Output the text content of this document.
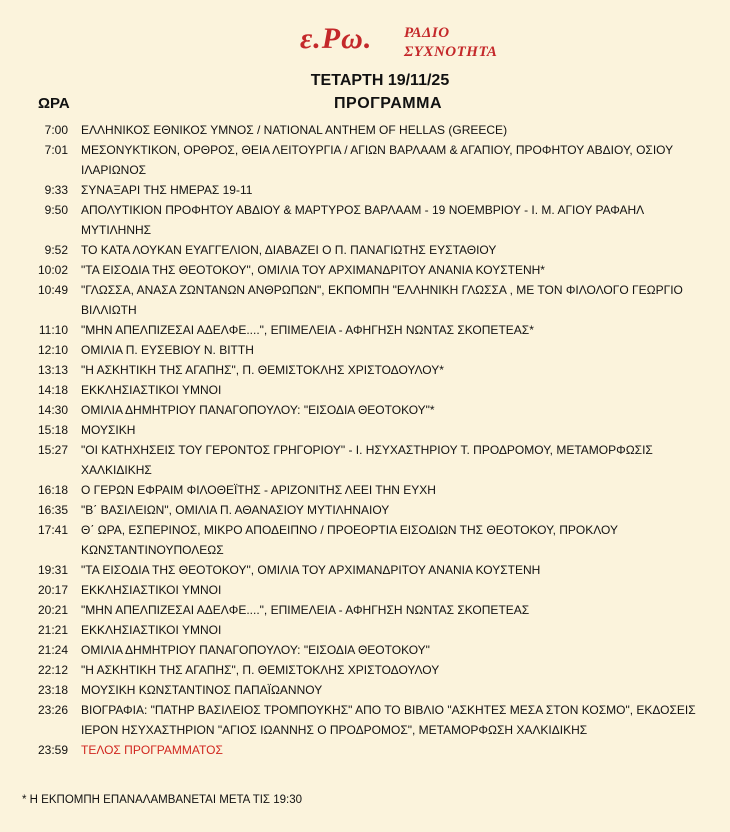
ε.Ρω. ΡΑΔΙΟ
ΣΥΧΝΟΤΗΤΑ
ΤΕΤΑΡΤΗ 19/11/25
ΩΡΑ	ΠΡΟΓΡΑΜΜΑ
7:00 ΕΛΛΗΝΙΚΟΣ ΕΘΝΙΚΟΣ ΥΜΝΟΣ / NATIONAL ANTHEM OF HELLAS (GREECE)
7:01 ΜΕΣΟΝΥΚΤΙΚΟΝ, ΟΡΘΡΟΣ, ΘΕΙΑ ΛΕΙΤΟΥΡΓΙΑ / ΑΓΙΩΝ ΒΑΡΛΑΑΜ & ΑΓΑΠΙΟΥ, ΠΡΟΦΗΤΟΥ ΑΒΔΙΟΥ, ΟΣΙΟΥ ΙΛΑΡΙΩΝΟΣ
9:33 ΣΥΝΑΞΑΡΙ ΤΗΣ ΗΜΕΡΑΣ 19-11
9:50 ΑΠΟΛΥΤΙΚΙΟΝ ΠΡΟΦΗΤΟΥ ΑΒΔΙΟΥ & ΜΑΡΤΥΡΟΣ ΒΑΡΛΑΑΜ - 19 ΝΟΕΜΒΡΙΟΥ - Ι. Μ. ΑΓΙΟΥ ΡΑΦΑΗΛ ΜΥΤΙΛΗΝΗΣ
9:52 ΤΟ ΚΑΤΑ ΛΟΥΚΑΝ ΕΥΑΓΓΕΛΙΟΝ, ΔΙΑΒΑΖΕΙ Ο Π. ΠΑΝΑΓΙΩΤΗΣ ΕΥΣΤΑΘΙΟΥ
10:02 "ΤΑ ΕΙΣΟΔΙΑ ΤΗΣ ΘΕΟΤΟΚΟΥ", ΟΜΙΛΙΑ ΤΟΥ ΑΡΧΙΜΑΝΔΡΙΤΟΥ ΑΝΑΝΙΑ ΚΟΥΣΤΕΝΗ*
10:49 "ΓΛΩΣΣΑ, ΑΝΑΣΑ ΖΩΝΤΑΝΩΝ ΑΝΘΡΩΠΩΝ", ΕΚΠΟΜΠΗ "ΕΛΛΗΝΙΚΗ ΓΛΩΣΣΑ , ΜΕ ΤΟΝ ΦΙΛΟΛΟΓΟ ΓΕΩΡΓΙΟ ΒΙΛΛΙΩΤΗ
11:10 "ΜΗΝ ΑΠΕΛΠΙΖΕΣΑΙ ΑΔΕΛΦΕ....", ΕΠΙΜΕΛΕΙΑ - ΑΦΗΓΗΣΗ ΝΩΝΤΑΣ ΣΚΟΠΕΤΕΑΣ*
12:10 ΟΜΙΛΙΑ Π. ΕΥΣΕΒΙΟΥ Ν. ΒΙΤΤΗ
13:13 "Η ΑΣΚΗΤΙΚΗ ΤΗΣ ΑΓΑΠΗΣ", Π. ΘΕΜΙΣΤΟΚΛΗΣ ΧΡΙΣΤΟΔΟΥΛΟΥ*
14:18 ΕΚΚΛΗΣΙΑΣΤΙΚΟΙ ΥΜΝΟΙ
14:30 ΟΜΙΛΙΑ ΔΗΜΗΤΡΙΟΥ ΠΑΝΑΓΟΠΟΥΛΟΥ: "ΕΙΣΟΔΙΑ ΘΕΟΤΟΚΟΥ"*
15:18 ΜΟΥΣΙΚΗ
15:27 "ΟΙ ΚΑΤΗΧΗΣΕΙΣ ΤΟΥ ΓΕΡΟΝΤΟΣ ΓΡΗΓΟΡΙΟΥ" - Ι. ΗΣΥΧΑΣΤΗΡΙΟΥ Τ. ΠΡΟΔΡΟΜΟΥ, ΜΕΤΑΜΟΡΦΩΣΙΣ ΧΑΛΚΙΔΙΚΗΣ
16:18 Ο ΓΕΡΩΝ ΕΦΡΑΙΜ ΦΙΛΟΘΕΪΤΗΣ - ΑΡΙΖΟΝΙΤΗΣ ΛΕΕΙ ΤΗΝ ΕΥΧΗ
16:35 "Β΄ ΒΑΣΙΛΕΙΩΝ", ΟΜΙΛΙΑ Π. ΑΘΑΝΑΣΙΟΥ ΜΥΤΙΛΗΝΑΙΟΥ
17:41 Θ΄ ΩΡΑ, ΕΣΠΕΡΙΝΟΣ, ΜΙΚΡΟ ΑΠΟΔΕΙΠΝΟ / ΠΡΟΕΟΡΤΙΑ ΕΙΣΟΔΙΩΝ ΤΗΣ ΘΕΟΤΟΚΟΥ, ΠΡΟΚΛΟΥ ΚΩΝΣΤΑΝΤΙΝΟΥΠΟΛΕΩΣ
19:31 "ΤΑ ΕΙΣΟΔΙΑ ΤΗΣ ΘΕΟΤΟΚΟΥ", ΟΜΙΛΙΑ ΤΟΥ ΑΡΧΙΜΑΝΔΡΙΤΟΥ ΑΝΑΝΙΑ ΚΟΥΣΤΕΝΗ
20:17 ΕΚΚΛΗΣΙΑΣΤΙΚΟΙ ΥΜΝΟΙ
20:21 "ΜΗΝ ΑΠΕΛΠΙΖΕΣΑΙ ΑΔΕΛΦΕ....", ΕΠΙΜΕΛΕΙΑ - ΑΦΗΓΗΣΗ ΝΩΝΤΑΣ ΣΚΟΠΕΤΕΑΣ
21:21 ΕΚΚΛΗΣΙΑΣΤΙΚΟΙ ΥΜΝΟΙ
21:24 ΟΜΙΛΙΑ ΔΗΜΗΤΡΙΟΥ ΠΑΝΑΓΟΠΟΥΛΟΥ: "ΕΙΣΟΔΙΑ ΘΕΟΤΟΚΟΥ"
22:12 "Η ΑΣΚΗΤΙΚΗ ΤΗΣ ΑΓΑΠΗΣ", Π. ΘΕΜΙΣΤΟΚΛΗΣ ΧΡΙΣΤΟΔΟΥΛΟΥ
23:18 ΜΟΥΣΙΚΗ ΚΩΝΣΤΑΝΤΙΝΟΣ ΠΑΠΑΪΩΑΝΝΟΥ
23:26 ΒΙΟΓΡΑΦΙΑ: "ΠΑΤΗΡ ΒΑΣΙΛΕΙΟΣ ΤΡΟΜΠΟΥΚΗΣ" ΑΠΟ ΤΟ ΒΙΒΛΙΟ "ΑΣΚΗΤΕΣ ΜΕΣΑ ΣΤΟΝ ΚΟΣΜΟ", ΕΚΔΟΣΕΙΣ ΙΕΡΟΝ ΗΣΥΧΑΣΤΗΡΙΟΝ "ΑΓΙΟΣ ΙΩΑΝΝΗΣ Ο ΠΡΟΔΡΟΜΟΣ", ΜΕΤΑΜΟΡΦΩΣΗ ΧΑΛΚΙΔΙΚΗΣ
23:59 ΤΕΛΟΣ ΠΡΟΓΡΑΜΜΑΤΟΣ
* Η ΕΚΠΟΜΠΗ ΕΠΑΝΑΛΑΜΒΑΝΕΤΑΙ ΜΕΤΑ ΤΙΣ 19:30
